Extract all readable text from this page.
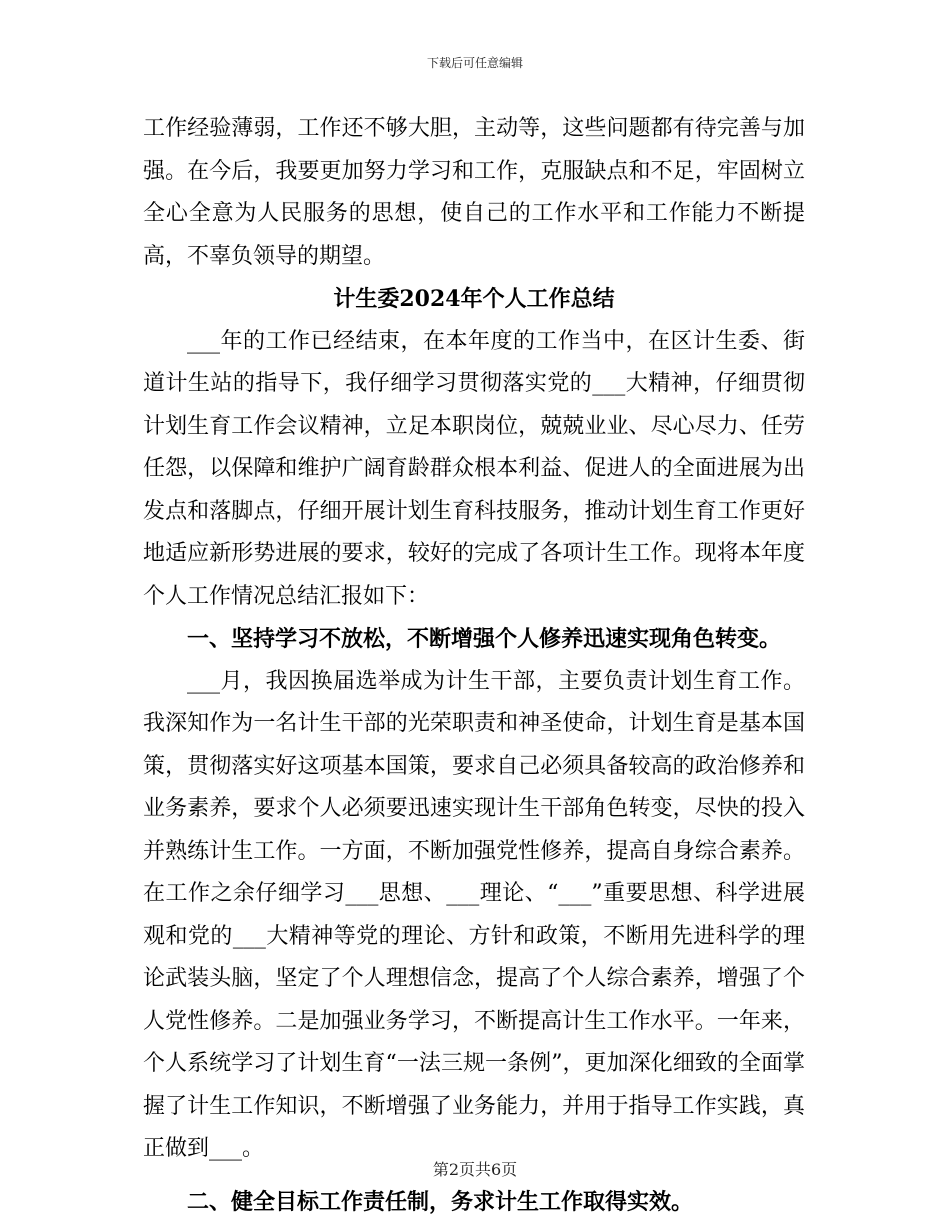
下载后可任意编辑

工作经验薄弱，工作还不够大胆，主动等，这些问题都有待完善与加强。在今后，我要更加努力学习和工作，克服缺点和不足，牢固树立全心全意为人民服务的思想，使自己的工作水平和工作能力不断提高，不辜负领导的期望。

计生委2024年个人工作总结

___年的工作已经结束，在本年度的工作当中，在区计生委、街道计生站的指导下，我仔细学习贯彻落实党的___大精神，仔细贯彻计划生育工作会议精神，立足本职岗位，兢兢业业、尽心尽力、任劳任怨，以保障和维护广阔育龄群众根本利益、促进人的全面进展为出发点和落脚点，仔细开展计划生育科技服务，推动计划生育工作更好地适应新形势进展的要求，较好的完成了各项计生工作。现将本年度个人工作情况总结汇报如下：

一、坚持学习不放松，不断增强个人修养迅速实现角色转变。

___月，我因换届选举成为计生干部，主要负责计划生育工作。我深知作为一名计生干部的光荣职责和神圣使命，计划生育是基本国策，贯彻落实好这项基本国策，要求自己必须具备较高的政治修养和业务素养，要求个人必须要迅速实现计生干部角色转变，尽快的投入并熟练计生工作。一方面，不断加强党性修养，提高自身综合素养。在工作之余仔细学习___思想、___理论、“___”重要思想、科学进展观和党的___大精神等党的理论、方针和政策，不断用先进科学的理论武装头脑，坚定了个人理想信念，提高了个人综合素养，增强了个人党性修养。二是加强业务学习，不断提高计生工作水平。一年来，个人系统学习了计划生育“一法三规一条例”，更加深化细致的全面掌握了计生工作知识，不断增强了业务能力，并用于指导工作实践，真正做到___。

二、健全目标工作责任制，务求计生工作取得实效。

第2页共6页
